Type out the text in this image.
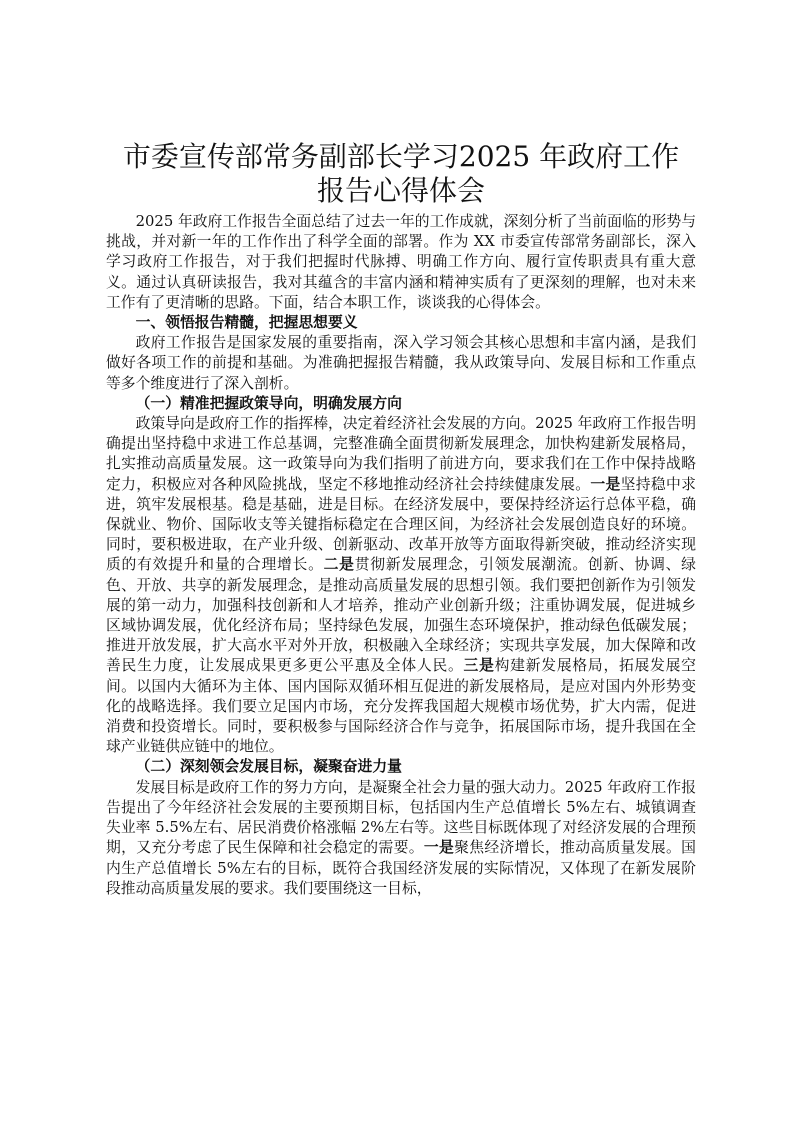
市委宣传部常务副部长学习2025 年政府工作
报告心得体会

2025 年政府工作报告全面总结了过去一年的工作成就，深刻分析了当前面临的形势与挑战，并对新一年的工作作出了科学全面的部署。作为 XX 市委宣传部常务副部长，深入学习政府工作报告，对于我们把握时代脉搏、明确工作方向、履行宣传职责具有重大意义。通过认真研读报告，我对其蕴含的丰富内涵和精神实质有了更深刻的理解，也对未来工作有了更清晰的思路。下面，结合本职工作，谈谈我的心得体会。

一、领悟报告精髓，把握思想要义

政府工作报告是国家发展的重要指南，深入学习领会其核心思想和丰富内涵，是我们做好各项工作的前提和基础。为准确把握报告精髓，我从政策导向、发展目标和工作重点等多个维度进行了深入剖析。

（一）精准把握政策导向，明确发展方向

政策导向是政府工作的指挥棒，决定着经济社会发展的方向。2025 年政府工作报告明确提出坚持稳中求进工作总基调，完整准确全面贯彻新发展理念，加快构建新发展格局，扎实推动高质量发展。这一政策导向为我们指明了前进方向，要求我们在工作中保持战略定力，积极应对各种风险挑战，坚定不移地推动经济社会持续健康发展。一是坚持稳中求进，筑牢发展根基。稳是基础，进是目标。在经济发展中，要保持经济运行总体平稳，确保就业、物价、国际收支等关键指标稳定在合理区间，为经济社会发展创造良好的环境。同时，要积极进取，在产业升级、创新驱动、改革开放等方面取得新突破，推动经济实现质的有效提升和量的合理增长。二是贯彻新发展理念，引领发展潮流。创新、协调、绿色、开放、共享的新发展理念，是推动高质量发展的思想引领。我们要把创新作为引领发展的第一动力，加强科技创新和人才培养，推动产业创新升级；注重协调发展，促进城乡区域协调发展，优化经济布局；坚持绿色发展，加强生态环境保护，推动绿色低碳发展；推进开放发展，扩大高水平对外开放，积极融入全球经济；实现共享发展，加大保障和改善民生力度，让发展成果更多更公平惠及全体人民。三是构建新发展格局，拓展发展空间。以国内大循环为主体、国内国际双循环相互促进的新发展格局，是应对国内外形势变化的战略选择。我们要立足国内市场，充分发挥我国超大规模市场优势，扩大内需，促进消费和投资增长。同时，要积极参与国际经济合作与竞争，拓展国际市场，提升我国在全球产业链供应链中的地位。

（二）深刻领会发展目标，凝聚奋进力量

发展目标是政府工作的努力方向，是凝聚全社会力量的强大动力。2025 年政府工作报告提出了今年经济社会发展的主要预期目标，包括国内生产总值增长 5%左右、城镇调查失业率 5.5%左右、居民消费价格涨幅 2%左右等。这些目标既体现了对经济发展的合理预期，又充分考虑了民生保障和社会稳定的需要。一是聚焦经济增长，推动高质量发展。国内生产总值增长 5%左右的目标，既符合我国经济发展的实际情况，又体现了在新发展阶段推动高质量发展的要求。我们要围绕这一目标，
